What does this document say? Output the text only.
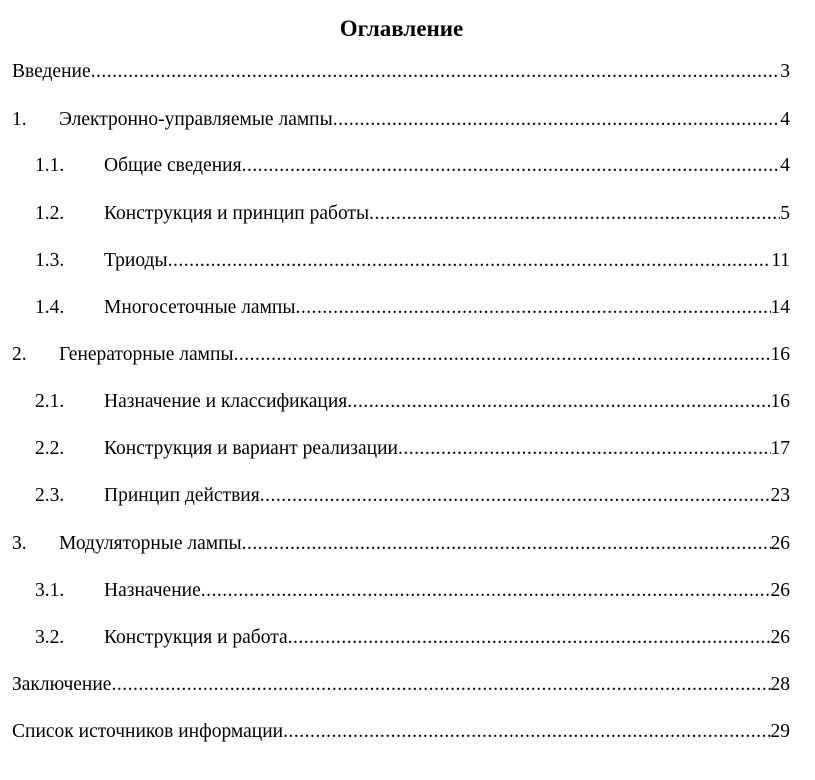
Оглавление
Введение .....	3
1.	Электронно-управляемые лампы .....	4
1.1.	Общие сведения .....	4
1.2.	Конструкция и принцип работы .....	5
1.3.	Триоды .....	11
1.4.	Многосеточные лампы .....	14
2.	Генераторные лампы .....	16
2.1.	Назначение и классификация .....	16
2.2.	Конструкция и вариант реализации .....	17
2.3.	Принцип действия .....	23
3.	Модуляторные лампы .....	26
3.1.	Назначение .....	26
3.2.	Конструкция и работа .....	26
Заключение .....	28
Список источников информации .....	29
